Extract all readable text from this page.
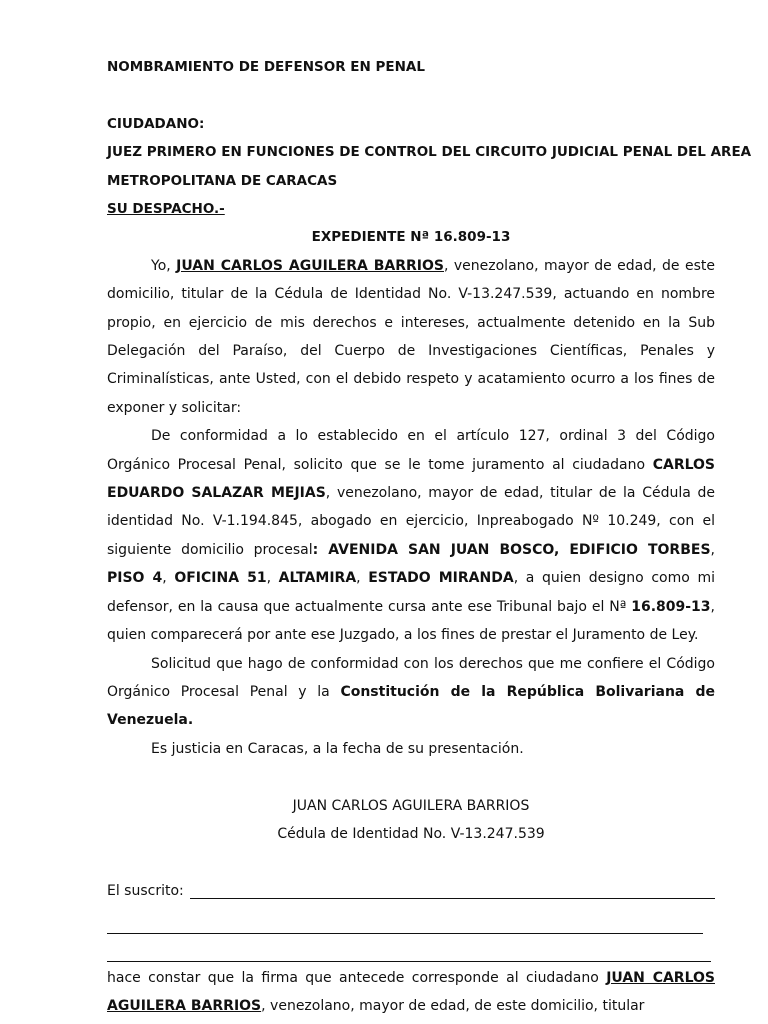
NOMBRAMIENTO DE DEFENSOR EN PENAL

CIUDADANO:

JUEZ PRIMERO EN FUNCIONES DE CONTROL DEL CIRCUITO JUDICIAL PENAL DEL AREA

METROPOLITANA DE CARACAS

SU DESPACHO.-

EXPEDIENTE Nª 16.809-13

Yo, JUAN CARLOS AGUILERA BARRIOS, venezolano, mayor de edad, de este domicilio, titular de la Cédula de Identidad No. V-13.247.539, actuando en nombre propio, en ejercicio de mis derechos e intereses, actualmente detenido en la Sub Delegación del Paraíso, del Cuerpo de Investigaciones Científicas, Penales y Criminalísticas, ante Usted, con el debido respeto y acatamiento ocurro a los fines de exponer y solicitar:

De conformidad a lo establecido en el artículo 127, ordinal 3 del Código Orgánico Procesal Penal, solicito que se le tome juramento al ciudadano CARLOS EDUARDO SALAZAR MEJIAS, venezolano, mayor de edad, titular de la Cédula de identidad No. V-1.194.845, abogado en ejercicio, Inpreabogado Nº 10.249, con el siguiente domicilio procesal: AVENIDA SAN JUAN BOSCO, EDIFICIO TORBES, PISO 4, OFICINA 51, ALTAMIRA, ESTADO MIRANDA, a quien designo como mi defensor, en la causa que actualmente cursa ante ese Tribunal bajo el Nª 16.809-13, quien comparecerá por ante ese Juzgado, a los fines de prestar el Juramento de Ley.

Solicitud que hago de conformidad con los derechos que me confiere el Código Orgánico Procesal Penal y la Constitución de la República Bolivariana de Venezuela.

Es justicia en Caracas, a la fecha de su presentación.

JUAN CARLOS AGUILERA BARRIOS

Cédula de Identidad No. V-13.247.539

El suscrito:

hace constar que la firma que antecede corresponde al ciudadano JUAN CARLOS AGUILERA BARRIOS, venezolano, mayor de edad, de este domicilio, titular
